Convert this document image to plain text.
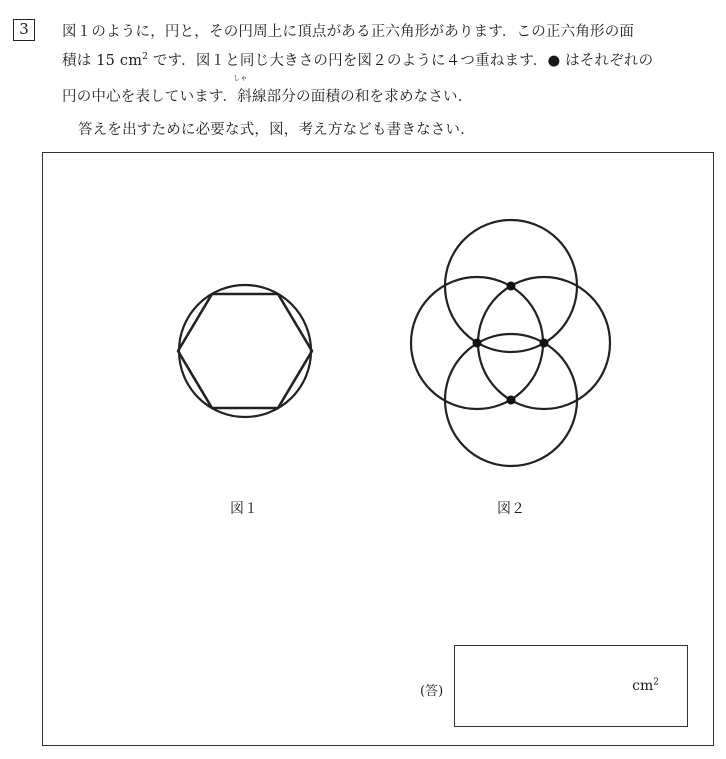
3	図１のように，円と，その円周上に頂点がある正六角形があります．この正六角形の面
積は 15 $cm^2$ です．図１と同じ大きさの円を図２のように４つ重ねます．● はそれぞれの
しゃ
円の中心を表しています．斜線部分の面積の和を求めなさい．
答えを出すために必要な式，図，考え方なども書きなさい．
図１	図２
(答)	$cm^2$
